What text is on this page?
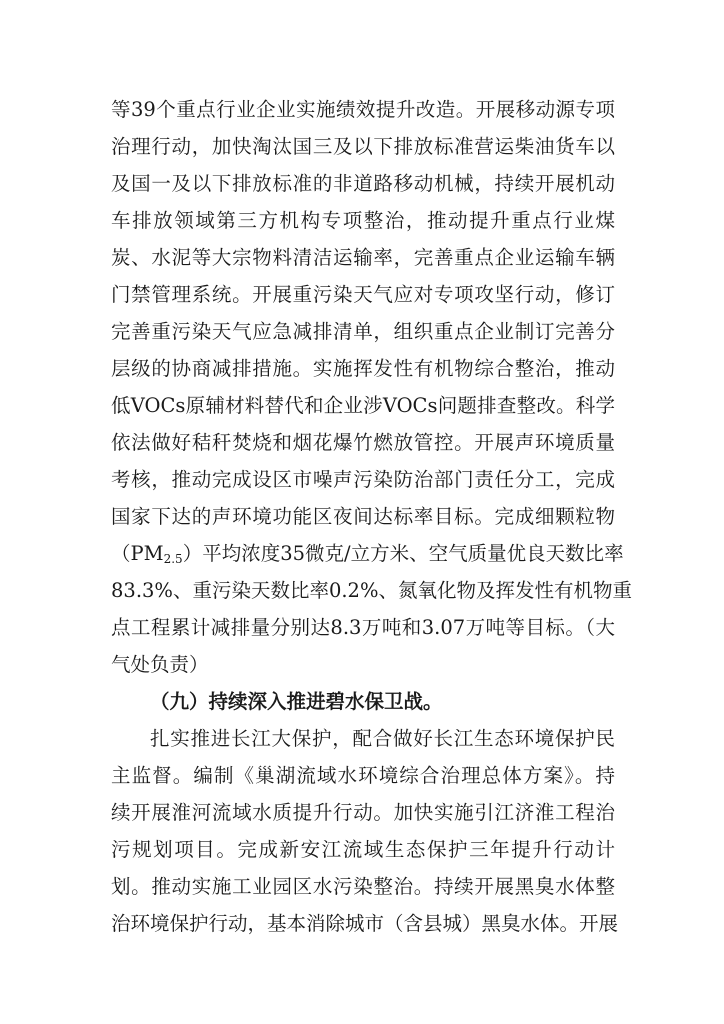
等39个重点行业企业实施绩效提升改造。开展移动源专项
治理行动，加快淘汰国三及以下排放标准营运柴油货车以
及国一及以下排放标准的非道路移动机械，持续开展机动
车排放领域第三方机构专项整治，推动提升重点行业煤
炭、水泥等大宗物料清洁运输率，完善重点企业运输车辆
门禁管理系统。开展重污染天气应对专项攻坚行动，修订
完善重污染天气应急减排清单，组织重点企业制订完善分
层级的协商减排措施。实施挥发性有机物综合整治，推动
低VOCs原辅材料替代和企业涉VOCs问题排查整改。科学
依法做好秸秆焚烧和烟花爆竹燃放管控。开展声环境质量
考核，推动完成设区市噪声污染防治部门责任分工，完成
国家下达的声环境功能区夜间达标率目标。完成细颗粒物
$(PM_{2.5})$平均浓度35微克/立方米、空气质量优良天数比率
83.3%、重污染天数比率0.2%、氮氧化物及挥发性有机物重
点工程累计减排量分别达8.3万吨和3.07万吨等目标。（大
气处负责）
（九）持续深入推进碧水保卫战。
扎实推进长江大保护，配合做好长江生态环境保护民
主监督。编制《巢湖流域水环境综合治理总体方案》。持
续开展淮河流域水质提升行动。加快实施引江济淮工程治
污规划项目。完成新安江流域生态保护三年提升行动计
划。推动实施工业园区水污染整治。持续开展黑臭水体整
治环境保护行动，基本消除城市（含县城）黑臭水体。开展
